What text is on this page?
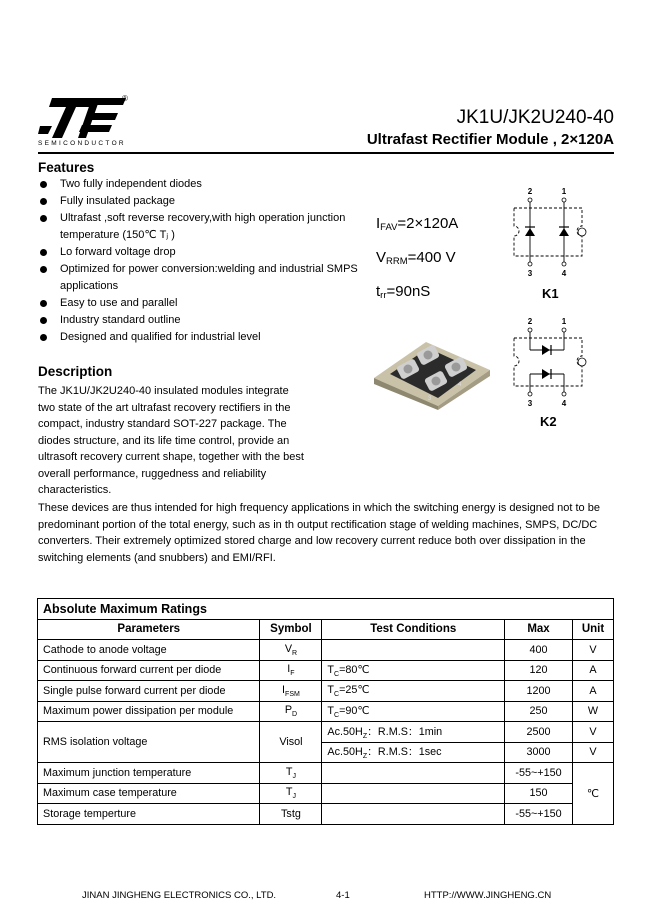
®
SEMICONDUCTOR
JK1U/JK2U240-40
Ultrafast Rectifier Module , 2×120A
Features
Two fully independent diodes
Fully insulated package
Ultrafast ,soft reverse recovery,with high operation junction temperature (150℃ Tⱼ )
Lo forward voltage drop
Optimized for power conversion:welding and industrial SMPS applications
Easy to use and parallel
Industry standard outline
Designed and qualified for industrial level
$I_{FAV}=2\times 120A$
$V_{RRM}=400$ V
$t_{rr}=90nS$
2	1
3	4
K1
2	1
3	4
K2
3
4
Description
The JK1U/JK2U240-40 insulated modules integrate two state of the art ultrafast recovery rectifiers in the compact, industry standard SOT-227 package. The diodes structure, and its life time control, provide an ultrasoft recovery current shape, together with the best overall performance, ruggedness and reliability characteristics.
These devices are thus intended for high frequency applications in which the switching energy is designed not to be predominant portion of the total energy, such as in th output rectification stage of welding machines, SMPS, DC/DC converters. Their extremely optimized stored charge and low recovery current reduce both over dissipation in the switching elements (and snubbers) and EMI/RFI.
Absolute Maximum Ratings				
Parameters	Symbol	Test Conditions	Max	Unit
Cathode to anode voltage	$V_R$		400	V
Continuous forward current per diode	$I_F$	$T_C=80℃$	120	A
Single pulse forward current per diode	$I_{FSM}$	$T_C=25℃$	1200	A
Maximum power dissipation per module	$P_D$	$T_C=90℃$	250	W
RMS isolation voltage	Visol	$Ac.50H_Z$：R.M.S：1min	2500	V
		$Ac.50H_Z$：R.M.S：1sec	3000	V
Maximum junction temperature	$T_J$		-55~+150	℃
Maximum case temperature	$T_J$		150	
Storage temperture	Tstg		-55~+150	
JINAN JINGHENG ELECTRONICS CO., LTD.	4-1	HTTP://WWW.JINGHENG.CN
